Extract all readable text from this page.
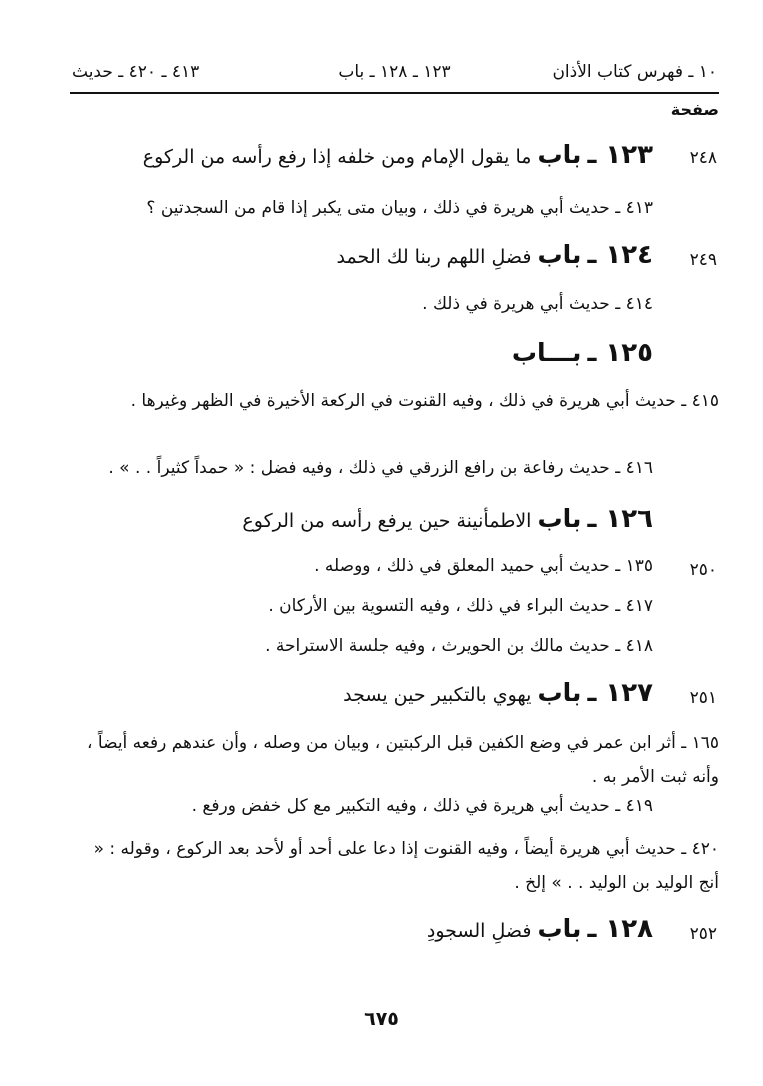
١٠ ـ فهرس كتاب الأذان
١٢٣ ـ ١٢٨ ـ باب
٤١٣ ـ ٤٢٠ ـ حديث
صفحة
٢٤٨
١٢٣ ـ باب ما يقول الإمام ومن خلفه إذا رفع رأسه من الركوع
٤١٣ ـ حديث أبي هريرة في ذلك ، وبيان متى يكبر إذا قام من السجدتين ؟
٢٤٩
١٢٤ ـ باب فضلِ اللهم ربنا لك الحمد
٤١٤ ـ حديث أبي هريرة في ذلك .
١٢٥ ـ بـــاب
٤١٥ ـ حديث أبي هريرة في ذلك ، وفيه القنوت في الركعة الأخيرة في الظهر وغيرها .
٤١٦ ـ حديث رفاعة بن رافع الزرقي في ذلك ، وفيه فضل : « حمداً كثيراً . . » .
١٢٦ ـ باب الاطمأنينة حين يرفع رأسه من الركوع
٢٥٠
١٣٥ ـ حديث أبي حميد المعلق في ذلك ، ووصله .
٤١٧ ـ حديث البراء في ذلك ، وفيه التسوية بين الأركان .
٤١٨ ـ حديث مالك بن الحويرث ، وفيه جلسة الاستراحة .
٢٥١
١٢٧ ـ باب يهوي بالتكبير حين يسجد
١٦٥ ـ أثر ابن عمر في وضع الكفين قبل الركبتين ، وبيان من وصله ، وأن عندهم رفعه أيضاً ، وأنه ثبت الأمر به .
٤١٩ ـ حديث أبي هريرة في ذلك ، وفيه التكبير مع كل خفض ورفع .
٤٢٠ ـ حديث أبي هريرة أيضاً ، وفيه القنوت إذا دعا على أحد أو لأحد بعد الركوع ، وقوله : « أنج الوليد بن الوليد . . » إلخ .
٢٥٢
١٢٨ ـ باب فضلِ السجودِ
٦٧٥
